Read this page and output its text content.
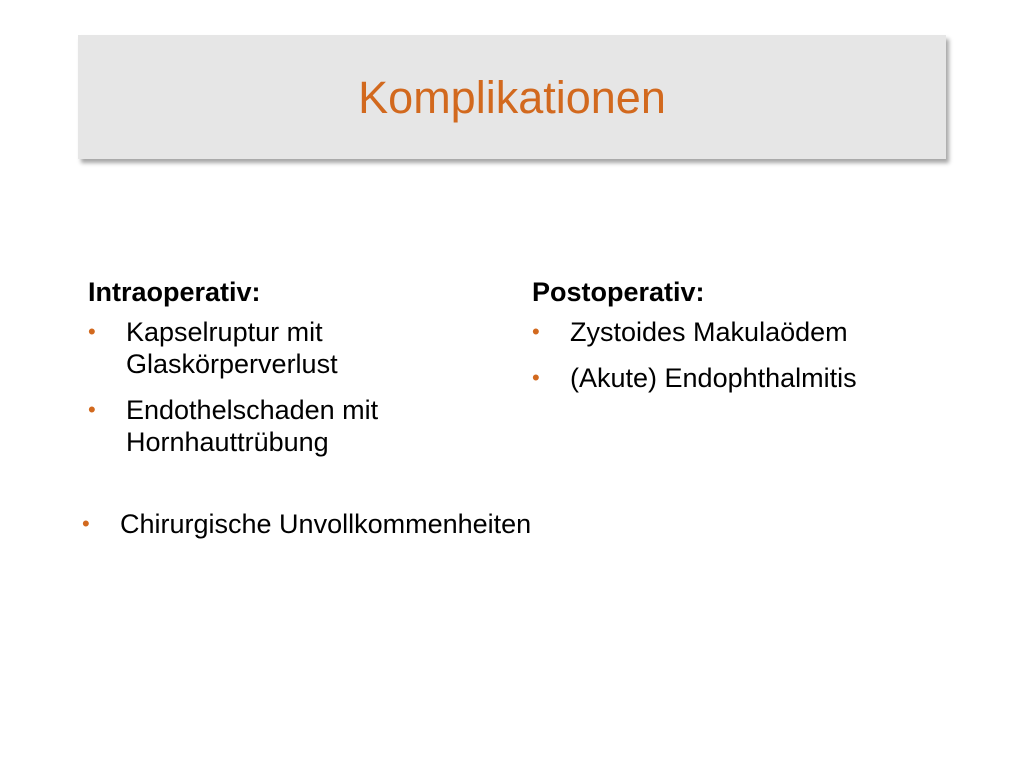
Komplikationen
Intraoperativ:
•	Kapselruptur mit
Glaskörperverlust
•	Endothelschaden mit
Hornhauttrübung
Postoperativ:
•	Zystoides Makulaödem
•	(Akute) Endophthalmitis
•	Chirurgische Unvollkommenheiten
